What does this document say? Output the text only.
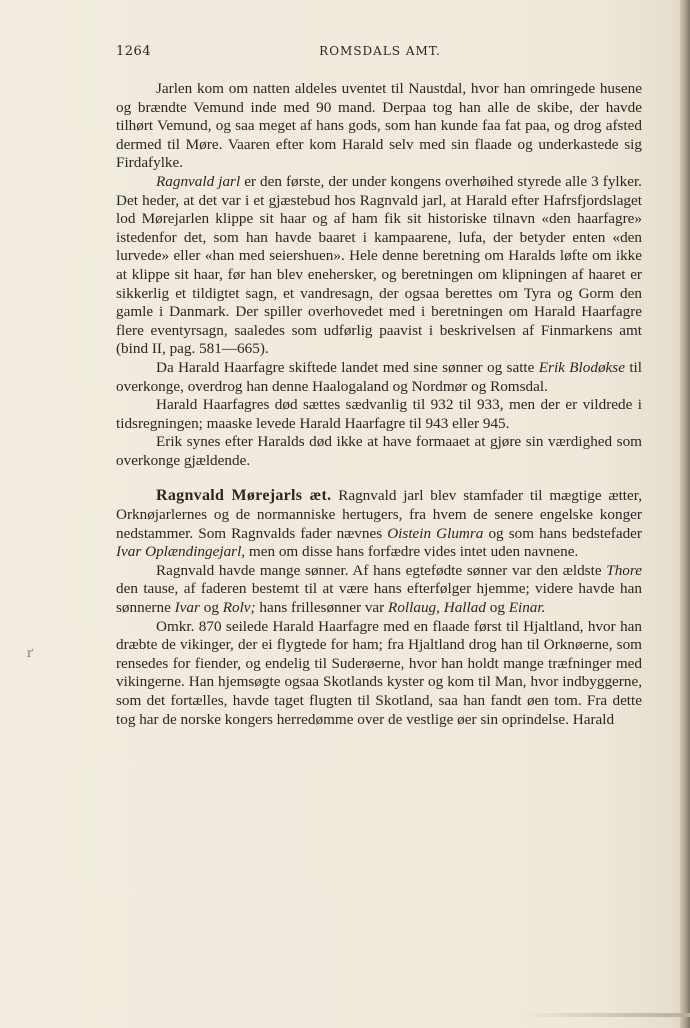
1264	ROMSDALS AMT.
ґ

Jarlen kom om natten aldeles uventet til Naustdal, hvor han omringede husene og brændte Vemund inde med 90 mand. Derpaa tog han alle de skibe, der havde tilhørt Vemund, og saa meget af hans gods, som han kunde faa fat paa, og drog afsted dermed til Møre. Vaaren efter kom Harald selv med sin flaade og underkastede sig Firdafylke.

Ragnvald jarl er den første, der under kongens overhøihed styrede alle 3 fylker. Det heder, at det var i et gjæstebud hos Ragnvald jarl, at Harald efter Hafrsfjordslaget lod Mørejarlen klippe sit haar og af ham fik sit historiske tilnavn «den haarfagre» istedenfor det, som han havde baaret i kampaarene, lufa, der betyder enten «den lurvede» eller «han med seiershuen». Hele denne beretning om Haralds løfte om ikke at klippe sit haar, før han blev enehersker, og beretningen om klipningen af haaret er sikkerlig et tildigtet sagn, et vandresagn, der ogsaa berettes om Tyra og Gorm den gamle i Danmark. Der spiller overhovedet med i beretningen om Harald Haarfagre flere eventyrsagn, saaledes som udførlig paavist i beskrivelsen af Finmarkens amt (bind II, pag. 581—665).

Da Harald Haarfagre skiftede landet med sine sønner og satte Erik Blodøkse til overkonge, overdrog han denne Haalogaland og Nordmør og Romsdal.

Harald Haarfagres død sættes sædvanlig til 932 til 933, men der er vildrede i tidsregningen; maaske levede Harald Haarfagre til 943 eller 945.

Erik synes efter Haralds død ikke at have formaaet at gjøre sin værdighed som overkonge gjældende.

Ragnvald Mørejarls æt. Ragnvald jarl blev stamfader til mægtige ætter, Orknøjarlernes og de normanniske hertugers, fra hvem de senere engelske konger nedstammer. Som Ragnvalds fader nævnes Oistein Glumra og som hans bedstefader Ivar Oplændingejarl, men om disse hans forfædre vides intet uden navnene.

Ragnvald havde mange sønner. Af hans egtefødte sønner var den ældste Thore den tause, af faderen bestemt til at være hans efterfølger hjemme; videre havde han sønnerne Ivar og Rolv; hans frillesønner var Rollaug, Hallad og Einar.

Omkr. 870 seilede Harald Haarfagre med en flaade først til Hjaltland, hvor han dræbte de vikinger, der ei flygtede for ham; fra Hjaltland drog han til Orknøerne, som rensedes for fiender, og endelig til Suderøerne, hvor han holdt mange træfninger med vikingerne. Han hjemsøgte ogsaa Skotlands kyster og kom til Man, hvor indbyggerne, som det fortælles, havde taget flugten til Skotland, saa han fandt øen tom. Fra dette tog har de norske kongers herredømme over de vestlige øer sin oprindelse. Harald
